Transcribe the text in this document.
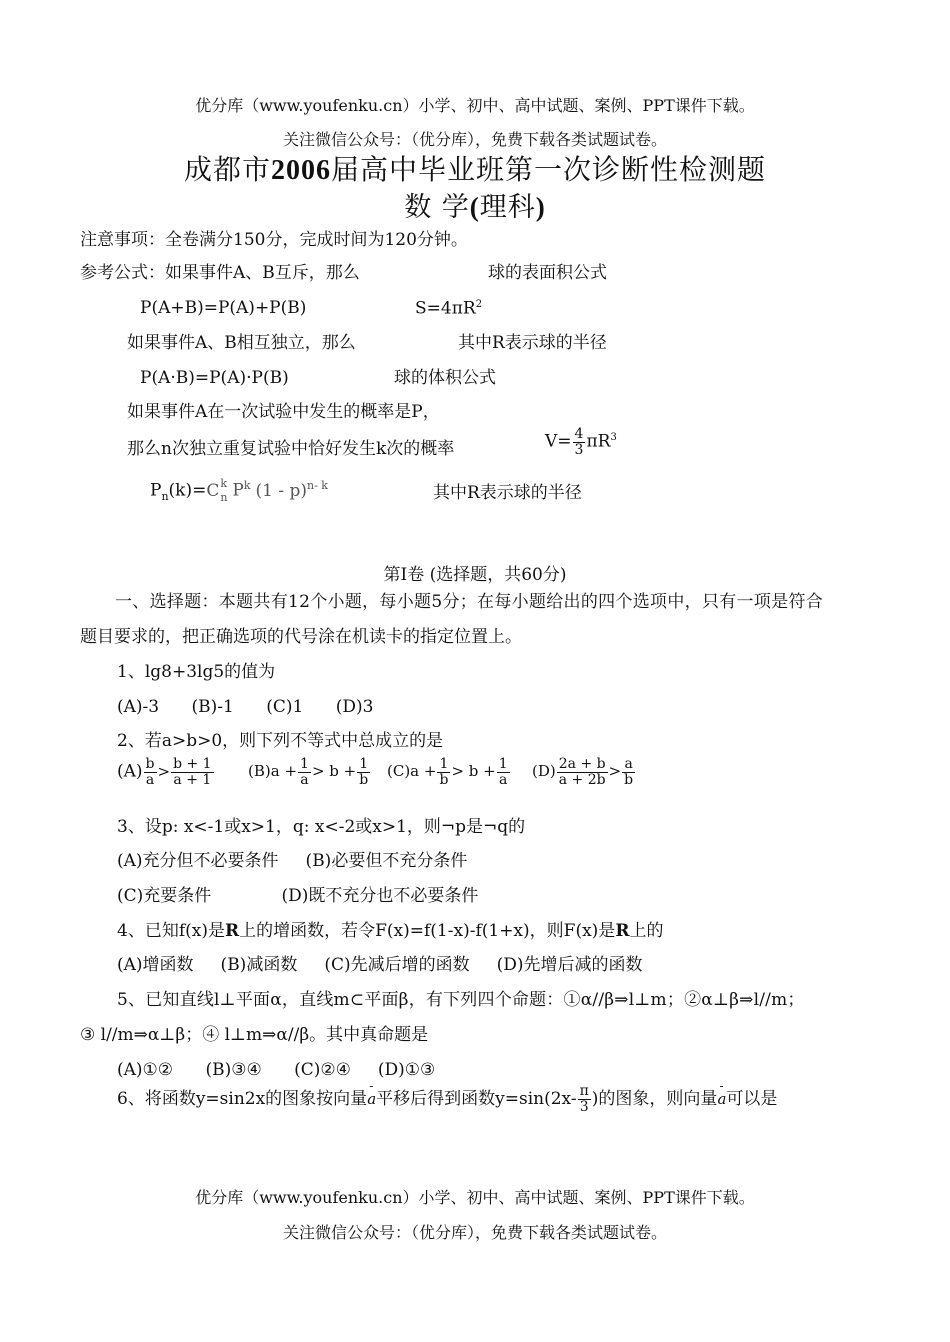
优分库（www.youfenku.cn）小学、初中、高中试题、案例、PPT课件下载。
关注微信公众号：（优分库），免费下载各类试题试卷。
成都市2006届高中毕业班第一次诊断性检测题
数 学(理科)
注意事项：全卷满分150分，完成时间为120分钟。
参考公式：如果事件A、B互斥，那么	球的表面积公式
P(A+B)=P(A)+P(B)	$S=4\pi R^2$
如果事件A、B相互独立，那么	其中R表示球的半径
P(A·B)=P(A)·P(B)	球的体积公式
如果事件A在一次试验中发生的概率是P，
那么n次独立重复试验中恰好发生k次的概率	$V= \frac{4}{3} \pi R^3$
$P_n(k)=C$ k
n $P^k$ (1 - p)$^{n- k}$	其中R表示球的半径
第I卷 (选择题，共60分)
一、选择题：本题共有12个小题，每小题5分；在每小题给出的四个选项中，只有一项是符合
题目要求的，把正确选项的代号涂在机读卡的指定位置上。
1、lg8+3lg5的值为
(A)-3      (B)-1      (C)1      (D)3
2、若a>b>0，则下列不等式中总成立的是
$(A) \frac{b}{a} > \frac{b + 1}{a + 1} (B)a + \frac{1}{a} > b + \frac{1}{b} (C)a + \frac{1}{b} > b + \frac{1}{a} (D) \frac{2a + b}{a + 2b} > \frac{a}{b}$
3、设p: x<-1或x>1，q: x<-2或x>1，则¬p是¬q的
(A)充分但不必要条件     (B)必要但不充分条件
(C)充要条件             (D)既不充分也不必要条件
4、已知f(x)是R上的增函数，若令F(x)=f(1-x)-f(1+x)，则F(x)是R上的
(A)增函数     (B)减函数     (C)先减后增的函数     (D)先增后减的函数
5、已知直线l⊥平面α，直线m⊂平面β，有下列四个命题：①α//β⇒l⊥m；②α⊥β⇒l//m；
③ l//m⇒α⊥β；④ l⊥m⇒α//β。其中真命题是
(A)①②      (B)③④      (C)②④     (D)①③
6、将函数y=sin2x的图象按向量- a平移后得到函数$y=\sin(2x- \frac{\pi}{3}$ )的图象，则向量- a可以是
优分库（www.youfenku.cn）小学、初中、高中试题、案例、PPT课件下载。
关注微信公众号：（优分库），免费下载各类试题试卷。
